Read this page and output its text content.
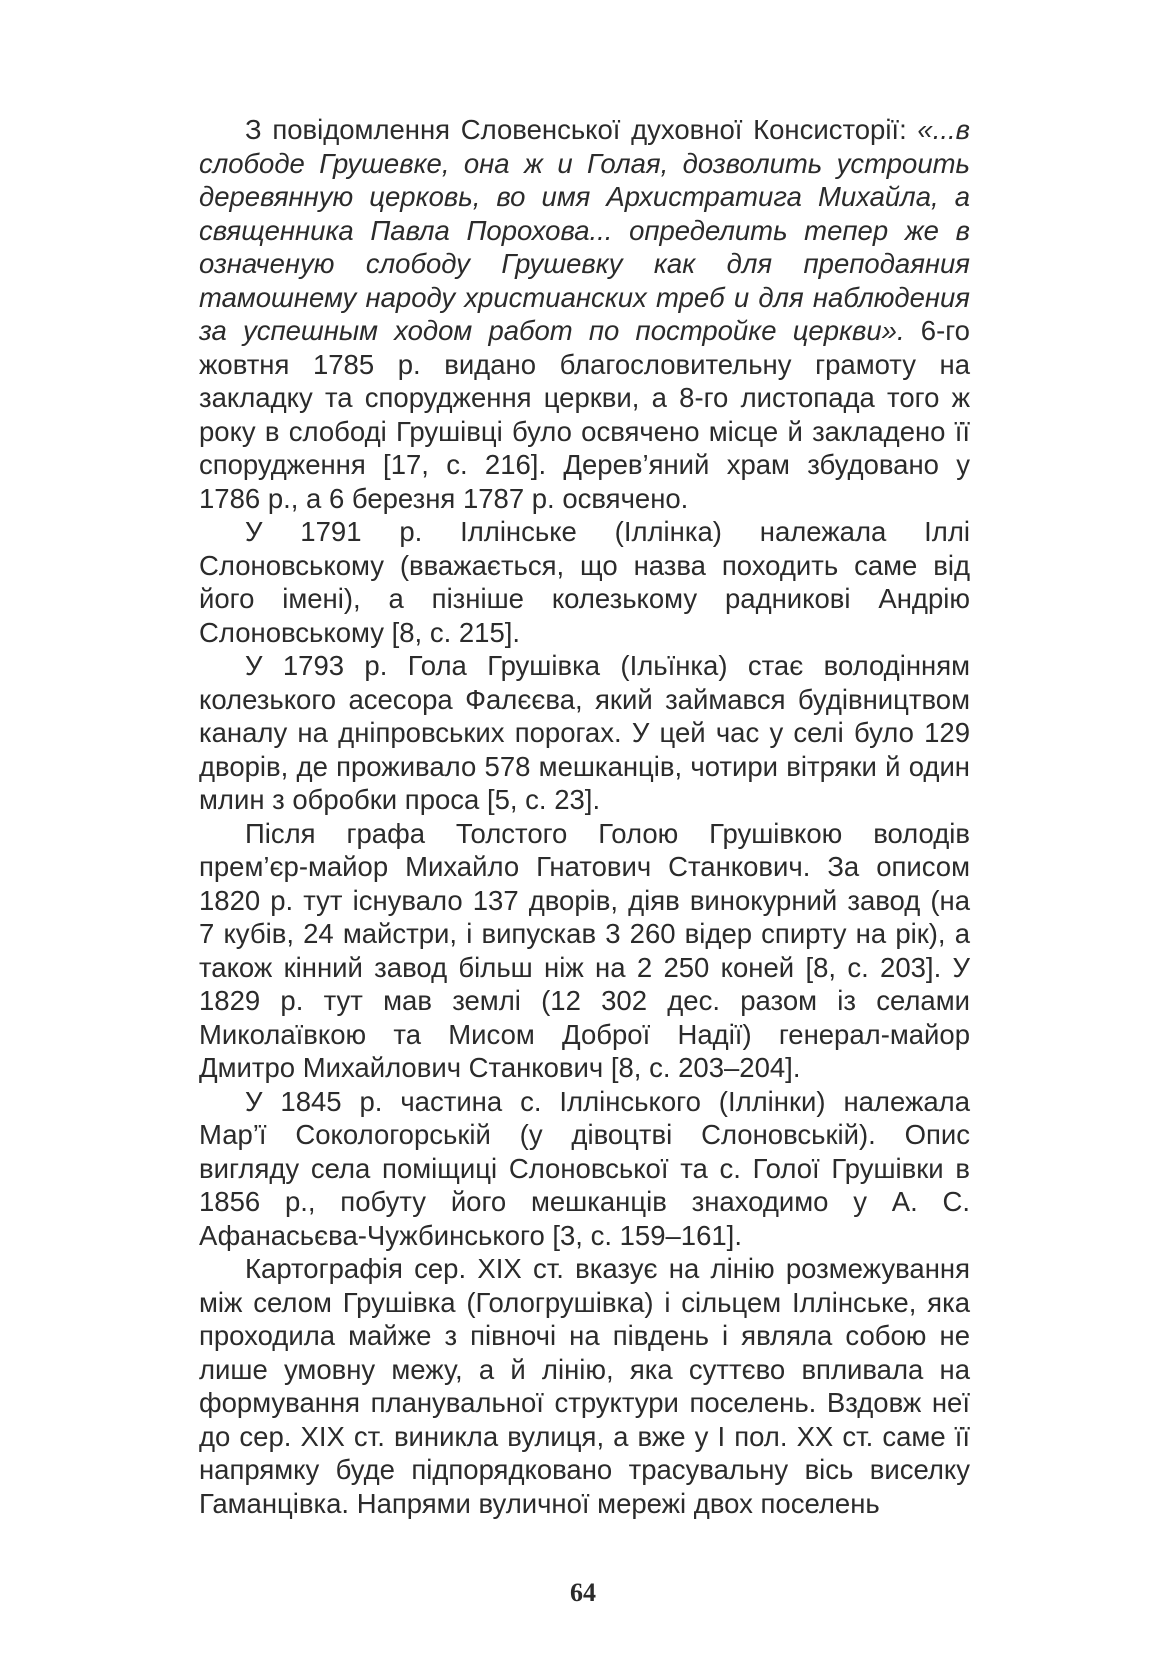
З повідомлення Словенської духовної Консисторії: «...в слободе Грушевке, она ж и Голая, дозволить устроить деревянную церковь, во имя Архистратига Михайла, а священника Павла Порохова... определить тепер же в означеную слободу Грушевку как для преподаяния тамошнему народу христианских треб и для наблюдения за успешным ходом работ по постройке церкви». 6-го жовтня 1785 р. видано благословительну грамоту на закладку та спорудження церкви, а 8-го листопада того ж року в слободі Грушівці було освячено місце й закладено її спорудження [17, с. 216]. Дерев’яний храм збудовано у 1786 р., а 6 березня 1787 р. освячено.

У 1791 р. Іллінське (Іллінка) належала Іллі Слоновському (вважається, що назва походить саме від його імені), а пізніше колезькому радникові Андрію Слоновському [8, с. 215].

У 1793 р. Гола Грушівка (Ільїнка) стає володінням колезького асесора Фалєєва, який займався будівництвом каналу на дніпровських порогах. У цей час у селі було 129 дворів, де проживало 578 мешканців, чотири вітряки й один млин з обробки проса [5, с. 23].

Після графа Толстого Голою Грушівкою володів прем’єр-майор Михайло Гнатович Станкович. За описом 1820 р. тут існувало 137 дворів, діяв винокурний завод (на 7 кубів, 24 майстри, і випускав 3 260 відер спирту на рік), а також кінний завод більш ніж на 2 250 коней [8, с. 203]. У 1829 р. тут мав землі (12 302 дес. разом із селами Миколаївкою та Мисом Доброї Надії) генерал-майор Дмитро Михайлович Станкович [8, с. 203–204].

У 1845 р. частина с. Іллінського (Іллінки) належала Мар’ї Сокологорській (у дівоцтві Слоновській). Опис вигляду села поміщиці Слоновської та с. Голої Грушівки в 1856 р., побуту його мешканців знаходимо у А. С. Афанасьєва-Чужбинського [3, с. 159–161].

Картографія сер. ХІХ ст. вказує на лінію розмежування між селом Грушівка (Гологрушівка) і сільцем Іллінське, яка проходила майже з півночі на південь і являла собою не лише умовну межу, а й лінію, яка суттєво впливала на формування планувальної структури поселень. Вздовж неї до сер. ХІХ ст. виникла вулиця, а вже у І пол. ХХ ст. саме її напрямку буде підпорядковано трасувальну вісь виселку Гаманцівка. Напрями вуличної мережі двох поселень

64
